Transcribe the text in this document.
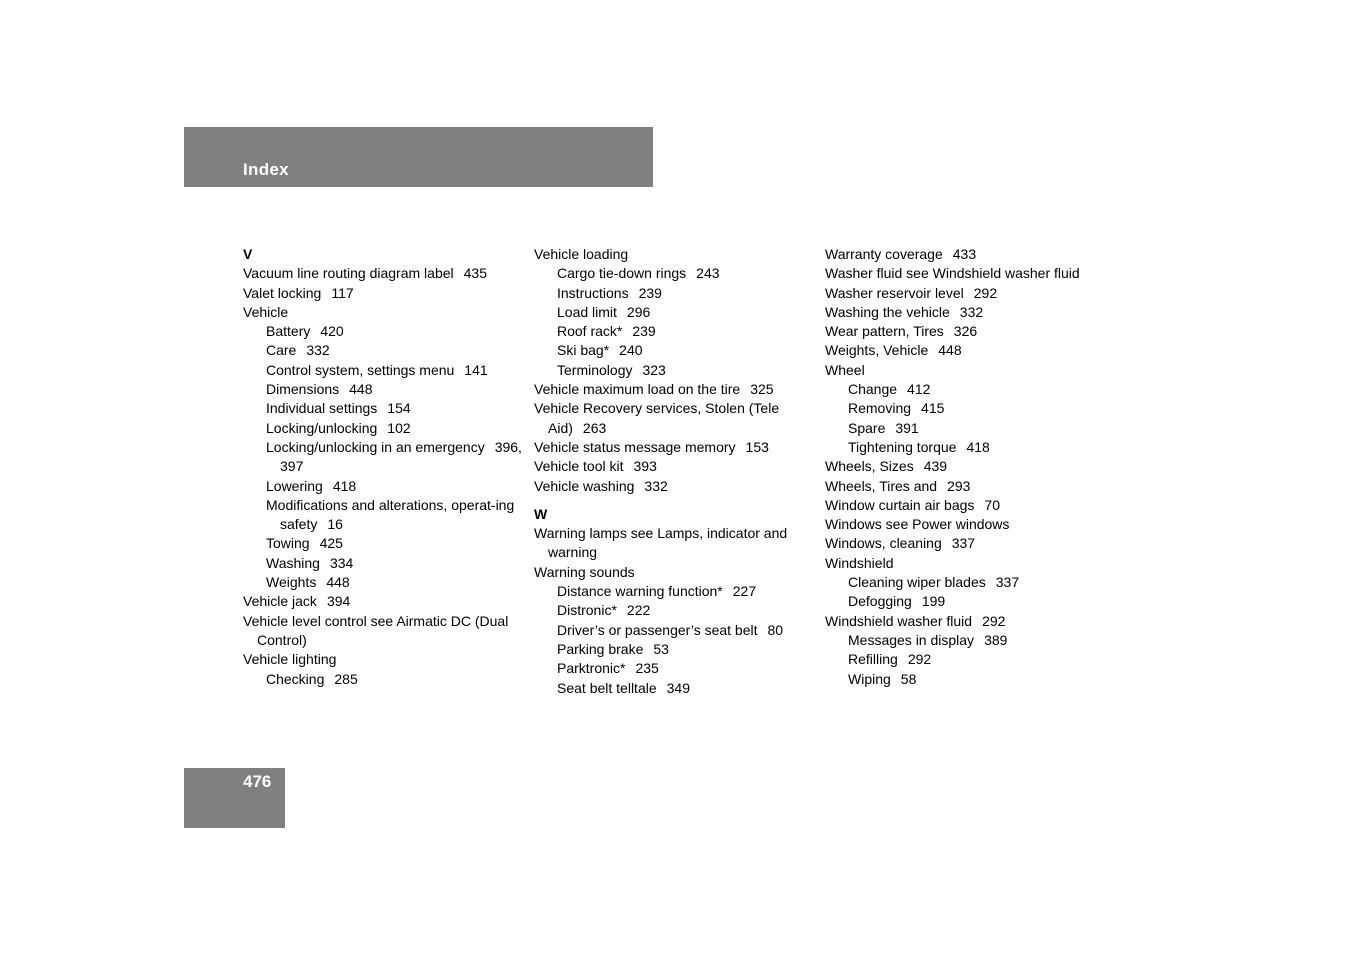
Index
V
Vacuum line routing diagram label 435
Valet locking 117
Vehicle
Battery 420
Care 332
Control system, settings menu 141
Dimensions 448
Individual settings 154
Locking/unlocking 102
Locking/unlocking in an emergency 396, 397
Lowering 418
Modifications and alterations, operat-ing safety 16
Towing 425
Washing 334
Weights 448
Vehicle jack 394
Vehicle level control see Airmatic DC (Dual Control)
Vehicle lighting
Checking 285
Vehicle loading
Cargo tie-down rings 243
Instructions 239
Load limit 296
Roof rack* 239
Ski bag* 240
Terminology 323
Vehicle maximum load on the tire 325
Vehicle Recovery services, Stolen (Tele Aid) 263
Vehicle status message memory 153
Vehicle tool kit 393
Vehicle washing 332
W
Warning lamps see Lamps, indicator and warning
Warning sounds
Distance warning function* 227
Distronic* 222
Driver’s or passenger’s seat belt 80
Parking brake 53
Parktronic* 235
Seat belt telltale 349
Warranty coverage 433
Washer fluid see Windshield washer fluid
Washer reservoir level 292
Washing the vehicle 332
Wear pattern, Tires 326
Weights, Vehicle 448
Wheel
Change 412
Removing 415
Spare 391
Tightening torque 418
Wheels, Sizes 439
Wheels, Tires and 293
Window curtain air bags 70
Windows see Power windows
Windows, cleaning 337
Windshield
Cleaning wiper blades 337
Defogging 199
Windshield washer fluid 292
Messages in display 389
Refilling 292
Wiping 58
476
